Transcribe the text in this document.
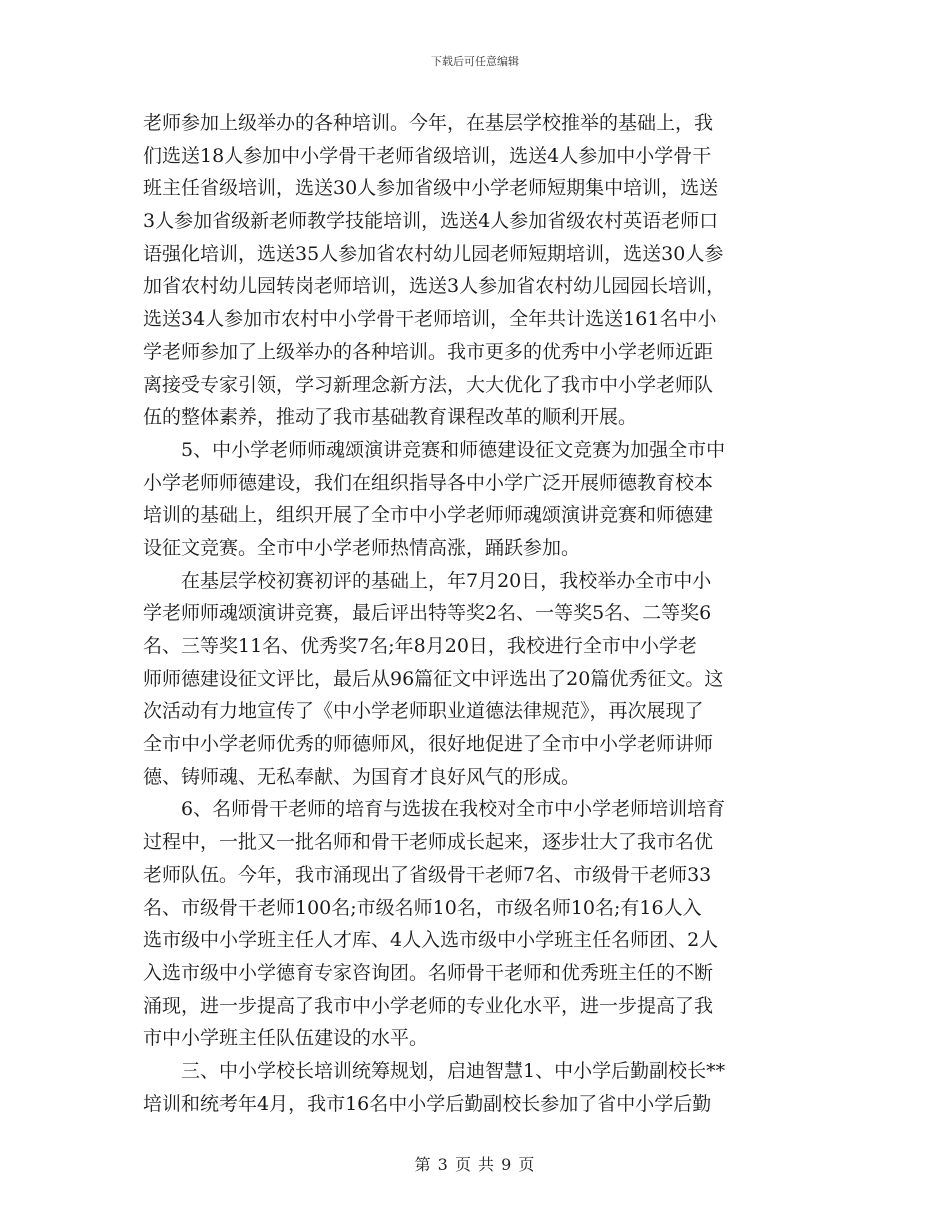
下载后可任意编辑
老师参加上级举办的各种培训。今年，在基层学校推举的基础上，我
们选送18人参加中小学骨干老师省级培训，选送4人参加中小学骨干
班主任省级培训，选送30人参加省级中小学老师短期集中培训，选送
3人参加省级新老师教学技能培训，选送4人参加省级农村英语老师口
语强化培训，选送35人参加省农村幼儿园老师短期培训，选送30人参
加省农村幼儿园转岗老师培训，选送3人参加省农村幼儿园园长培训，
选送34人参加市农村中小学骨干老师培训，全年共计选送161名中小
学老师参加了上级举办的各种培训。我市更多的优秀中小学老师近距
离接受专家引领，学习新理念新方法，大大优化了我市中小学老师队
伍的整体素养，推动了我市基础教育课程改革的顺利开展。
　　5、中小学老师师魂颂演讲竞赛和师德建设征文竞赛为加强全市中
小学老师师德建设，我们在组织指导各中小学广泛开展师德教育校本
培训的基础上，组织开展了全市中小学老师师魂颂演讲竞赛和师德建
设征文竞赛。全市中小学老师热情高涨，踊跃参加。
　　在基层学校初赛初评的基础上，年7月20日，我校举办全市中小
学老师师魂颂演讲竞赛，最后评出特等奖2名、一等奖5名、二等奖6
名、三等奖11名、优秀奖7名;年8月20日，我校进行全市中小学老
师师德建设征文评比，最后从96篇征文中评选出了20篇优秀征文。这
次活动有力地宣传了《中小学老师职业道德法律规范》，再次展现了
全市中小学老师优秀的师德师风，很好地促进了全市中小学老师讲师
德、铸师魂、无私奉献、为国育才良好风气的形成。
　　6、名师骨干老师的培育与选拔在我校对全市中小学老师培训培育
过程中，一批又一批名师和骨干老师成长起来，逐步壮大了我市名优
老师队伍。今年，我市涌现出了省级骨干老师7名、市级骨干老师33
名、市级骨干老师100名;市级名师10名，市级名师10名;有16人入
选市级中小学班主任人才库、4人入选市级中小学班主任名师团、2人
入选市级中小学德育专家咨询团。名师骨干老师和优秀班主任的不断
涌现，进一步提高了我市中小学老师的专业化水平，进一步提高了我
市中小学班主任队伍建设的水平。
　　三、中小学校长培训统筹规划，启迪智慧1、中小学后勤副校长**
培训和统考年4月，我市16名中小学后勤副校长参加了省中小学后勤
第 3 页 共 9 页
